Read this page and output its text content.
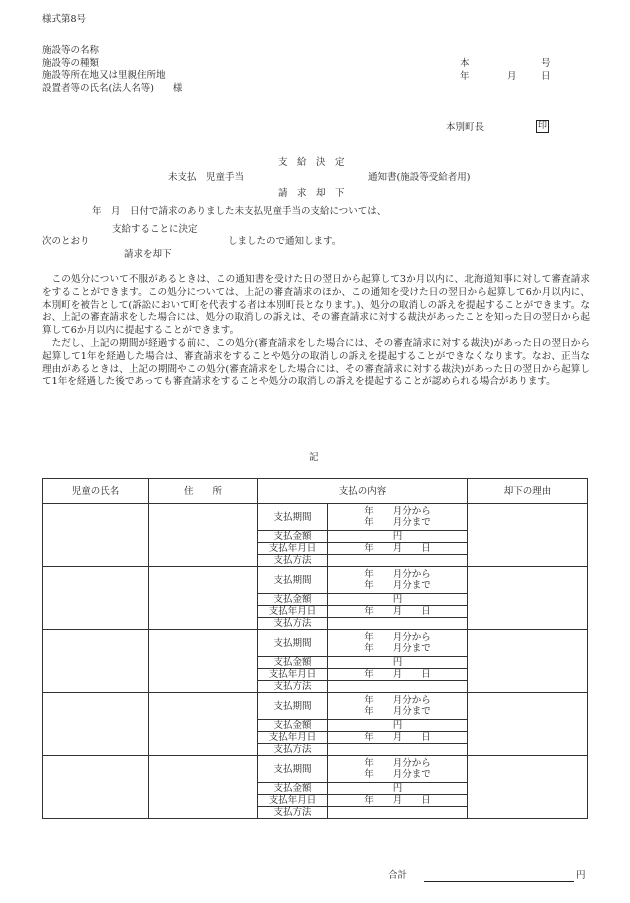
様式第8号
施設等の名称
施設等の種類
施設等所在地又は里親住所地
設置者等の氏名(法人名等)　　様
本	号
年	月	日
本別町長	印
支　給　決　定
未支払　児童手当	通知書(施設等受給者用)
請　求　却　下
年　月　日付で請求のありました未支払児童手当の支給については、
支給することに決定
次のとおり	しましたので通知します。
請求を却下

この処分について不服があるときは、この通知書を受けた日の翌日から起算して3か月以内に、北海道知事に対して審査請求をすることができます。この処分については、上記の審査請求のほか、この通知を受けた日の翌日から起算して6か月以内に、本別町を被告として(訴訟において町を代表する者は本別町長となります。)、処分の取消しの訴えを提起することができます。なお、上記の審査請求をした場合には、処分の取消しの訴えは、その審査請求に対する裁決があったことを知った日の翌日から起算して6か月以内に提起することができます。

ただし、上記の期間が経過する前に、この処分(審査請求をした場合には、その審査請求に対する裁決)があった日の翌日から起算して1年を経過した場合は、審査請求をすることや処分の取消しの訴えを提起することができなくなります。なお、正当な理由があるときは、上記の期間やこの処分(審査請求をした場合には、その審査請求に対する裁決)があった日の翌日から起算して1年を経過した後であっても審査請求をすることや処分の取消しの訴えを提起することが認められる場合があります。

記
児童の氏名	住　　所	支払の内容		却下の理由
		支払期間	年　　月分から
年　　月分まで	

		支払金額	円	
		支払年月日	年　　月　　日	
		支払方法		
		支払期間	年　　月分から
年　　月分まで	

		支払金額	円	
		支払年月日	年　　月　　日	
		支払方法		
		支払期間	年　　月分から
年　　月分まで	

		支払金額	円	
		支払年月日	年　　月　　日	
		支払方法		
		支払期間	年　　月分から
年　　月分まで	

		支払金額	円	
		支払年月日	年　　月　　日	
		支払方法		
		支払期間	年　　月分から
年　　月分まで	

		支払金額	円	
		支払年月日	年　　月　　日	
		支払方法		
合計	円
